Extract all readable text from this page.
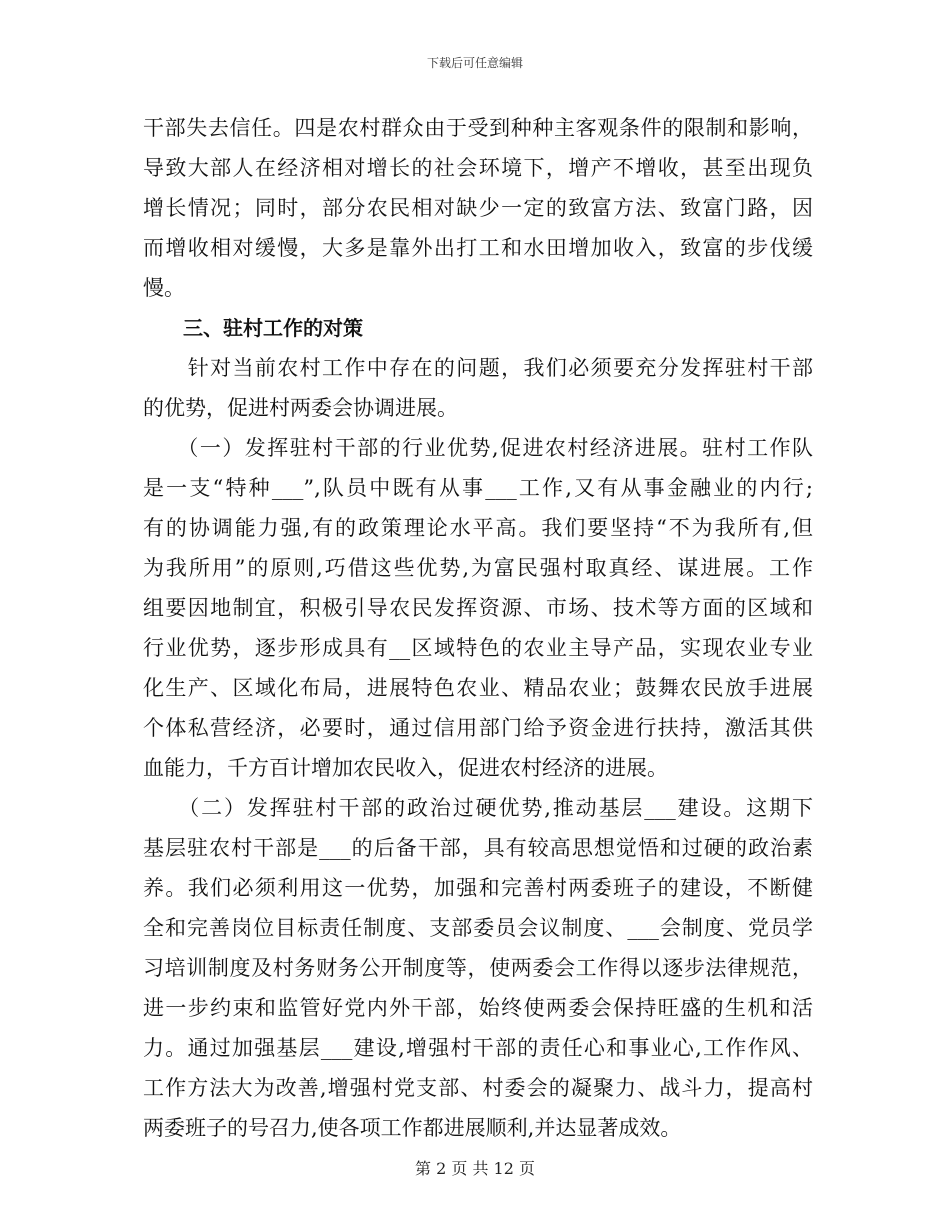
下载后可任意编辑
干部失去信任。四是农村群众由于受到种种主客观条件的限制和影响，
导致大部人在经济相对增长的社会环境下，增产不增收，甚至出现负
增长情况；同时，部分农民相对缺少一定的致富方法、致富门路，因
而增收相对缓慢，大多是靠外出打工和水田增加收入，致富的步伐缓
慢。
　　三、驻村工作的对策
　　针对当前农村工作中存在的问题，我们必须要充分发挥驻村干部
的优势，促进村两委会协调进展。
　　（一）发挥驻村干部的行业优势,促进农村经济进展。驻村工作队
是一支“特种___”,队员中既有从事___工作,又有从事金融业的内行;
有的协调能力强,有的政策理论水平高。我们要坚持“不为我所有,但
为我所用”的原则,巧借这些优势,为富民强村取真经、谋进展。工作
组要因地制宜，积极引导农民发挥资源、市场、技术等方面的区域和
行业优势，逐步形成具有__区域特色的农业主导产品，实现农业专业
化生产、区域化布局，进展特色农业、精品农业；鼓舞农民放手进展
个体私营经济，必要时，通过信用部门给予资金进行扶持，激活其供
血能力，千方百计增加农民收入，促进农村经济的进展。
　　（二）发挥驻村干部的政治过硬优势,推动基层___建设。这期下
基层驻农村干部是___的后备干部，具有较高思想觉悟和过硬的政治素
养。我们必须利用这一优势，加强和完善村两委班子的建设，不断健
全和完善岗位目标责任制度、支部委员会议制度、___会制度、党员学
习培训制度及村务财务公开制度等，使两委会工作得以逐步法律规范，
进一步约束和监管好党内外干部，始终使两委会保持旺盛的生机和活
力。通过加强基层___建设,增强村干部的责任心和事业心,工作作风、
工作方法大为改善,增强村党支部、村委会的凝聚力、战斗力，提高村
两委班子的号召力,使各项工作都进展顺利,并达显著成效。
第 2 页 共 12 页
